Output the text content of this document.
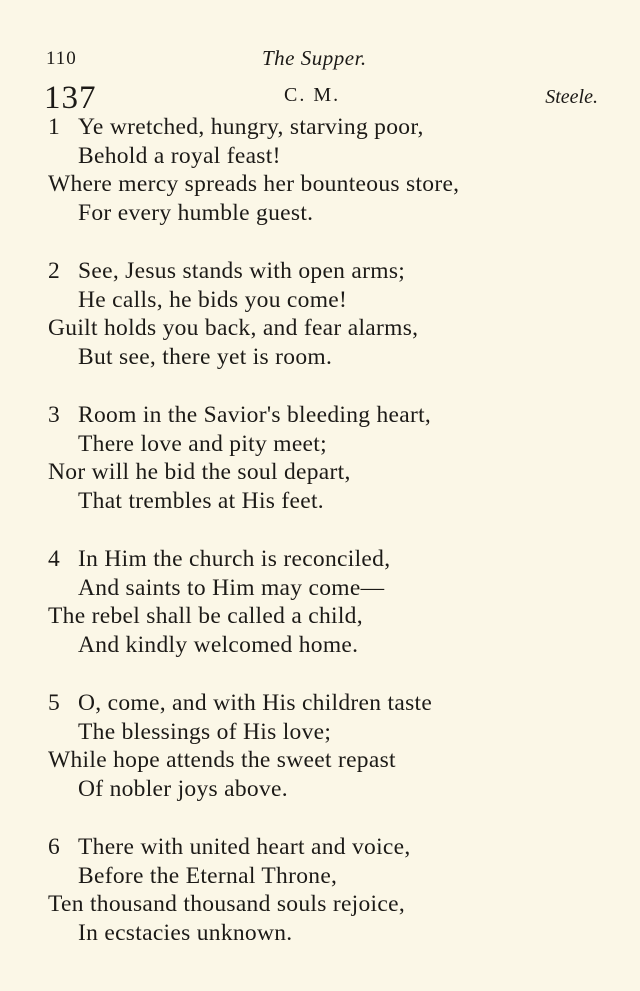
110	The Supper.
137	C. M.	Steele.
1 Ye wretched, hungry, starving poor,
Behold a royal feast!
Where mercy spreads her bounteous store,
For every humble guest.
2 See, Jesus stands with open arms;
He calls, he bids you come!
Guilt holds you back, and fear alarms,
But see, there yet is room.
3 Room in the Savior's bleeding heart,
There love and pity meet;
Nor will he bid the soul depart,
That trembles at His feet.
4 In Him the church is reconciled,
And saints to Him may come—
The rebel shall be called a child,
And kindly welcomed home.
5 O, come, and with His children taste
The blessings of His love;
While hope attends the sweet repast
Of nobler joys above.
6 There with united heart and voice,
Before the Eternal Throne,
Ten thousand thousand souls rejoice,
In ecstacies unknown.
